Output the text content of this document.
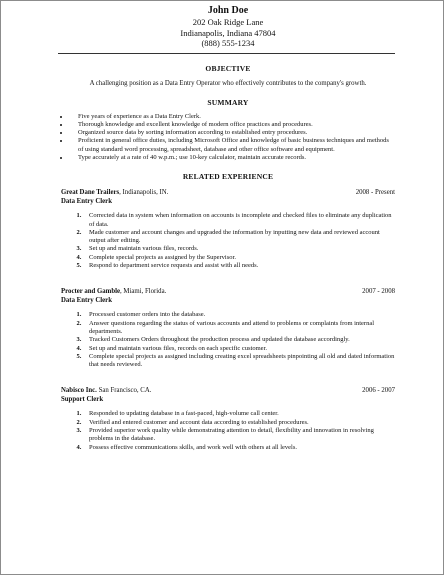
John Doe
202 Oak Ridge Lane
Indianapolis, Indiana 47804
(888) 555-1234
OBJECTIVE
A challenging position as a Data Entry Operator who effectively contributes to the company's growth.
SUMMARY
• Five years of experience as a Data Entry Clerk.
• Thorough knowledge and excellent knowledge of modern office practices and procedures.
• Organized source data by sorting information according to established entry procedures.
• Proficient in general office duties, including Microsoft Office and knowledge of basic business techniques and methods of using standard word processing, spreadsheet, database and other office software and equipment.
• Type accurately at a rate of 40 w.p.m.; use 10-key calculator, maintain accurate records.
RELATED EXPERIENCE
Great Dane Trailers, Indianapolis, IN.	2008 - Present
Data Entry Clerk
1. Corrected data in system when information on accounts is incomplete and checked files to eliminate any duplication of data.
2. Made customer and account changes and upgraded the information by inputting new data and reviewed account output after editing.
3. Set up and maintain various files, records.
4. Complete special projects as assigned by the Supervisor.
5. Respond to department service requests and assist with all needs.
Procter and Gamble, Miami, Florida.	2007 - 2008
Data Entry Clerk
1. Processed customer orders into the database.
2. Answer questions regarding the status of various accounts and attend to problems or complaints from internal departments.
3. Tracked Customers Orders throughout the production process and updated the database accordingly.
4. Set up and maintain various files, records on each specific customer.
5. Complete special projects as assigned including creating excel spreadsheets pinpointing all old and dated information that needs reviewed.
Nabisco Inc. San Francisco, CA.	2006 - 2007
Support Clerk
1. Responded to updating database in a fast-paced, high-volume call center.
2. Verified and entered customer and account data according to established procedures.
3. Provided superior work quality while demonstrating attention to detail, flexibility and innovation in resolving problems in the database.
4. Possess effective communications skills, and work well with others at all levels.
